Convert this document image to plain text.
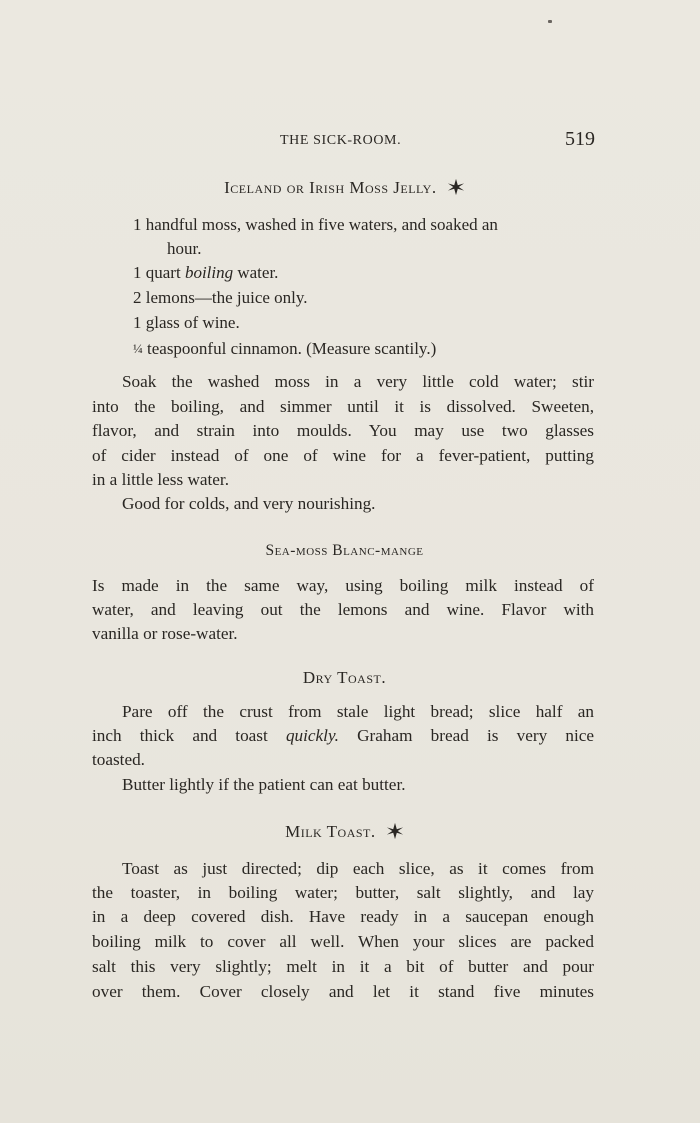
THE SICK-ROOM.	519
Iceland or Irish Moss Jelly.
1 handful moss, washed in five waters, and soaked an
hour.
1 quart boiling water.
2 lemons—the juice only.
1 glass of wine.
¼ teaspoonful cinnamon. (Measure scantily.)
Soak the washed moss in a very little cold water; stir
into the boiling, and simmer until it is dissolved. Sweeten,
flavor, and strain into moulds. You may use two glasses
of cider instead of one of wine for a fever-patient, putting
in a little less water.
Good for colds, and very nourishing.
Sea-moss Blanc-mange
Is made in the same way, using boiling milk instead of
water, and leaving out the lemons and wine. Flavor with
vanilla or rose-water.
Dry Toast.
Pare off the crust from stale light bread; slice half an
inch thick and toast quickly. Graham bread is very nice
toasted.
Butter lightly if the patient can eat butter.
Milk Toast.
Toast as just directed; dip each slice, as it comes from
the toaster, in boiling water; butter, salt slightly, and lay
in a deep covered dish. Have ready in a saucepan enough
boiling milk to cover all well. When your slices are packed
salt this very slightly; melt in it a bit of butter and pour
over them. Cover closely and let it stand five minutes
